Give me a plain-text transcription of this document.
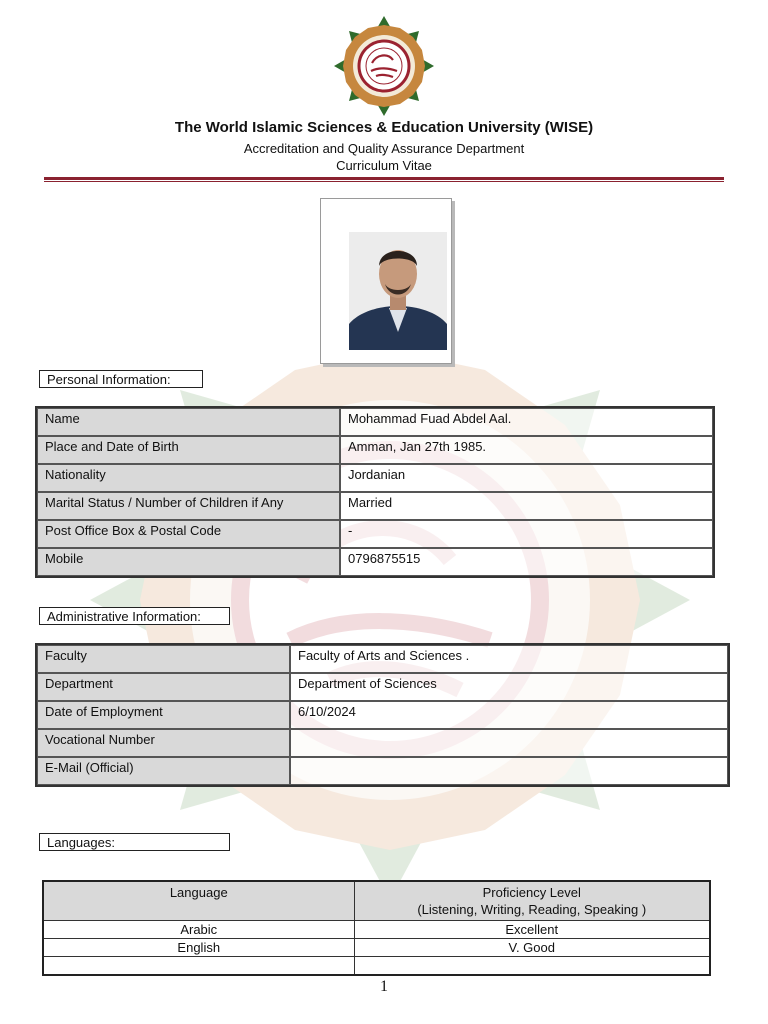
The World Islamic Sciences & Education University (WISE)
Accreditation and Quality Assurance Department
Curriculum Vitae
Personal Information:
Name	Mohammad Fuad Abdel Aal.
Place and Date of Birth	Amman, Jan 27th 1985.
Nationality	Jordanian
Marital Status / Number of Children if Any	Married
Post Office Box & Postal Code	-
Mobile	0796875515
Administrative Information:
Faculty	Faculty of Arts and Sciences .
Department	Department of Sciences
Date of Employment	6/10/2024
Vocational Number	
E-Mail (Official)	
Languages:
Language	Proficiency Level
(Listening, Writing, Reading, Speaking )

Arabic	Excellent
English	V. Good

1
